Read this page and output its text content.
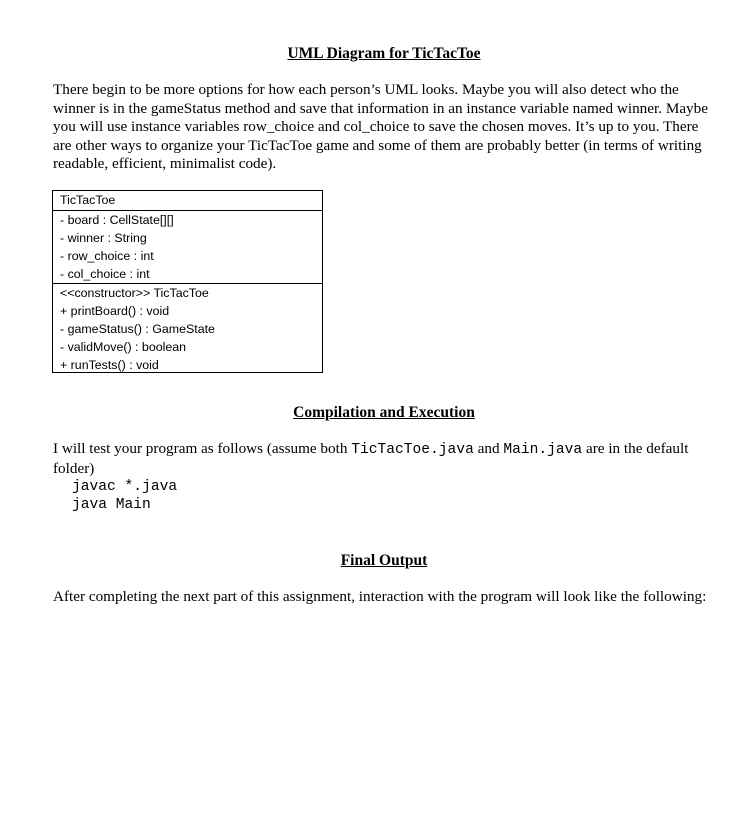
UML Diagram for TicTacToe
There begin to be more options for how each person’s UML looks. Maybe you will also detect who the winner is in the gameStatus method and save that information in an instance variable named winner. Maybe you will use instance variables row_choice and col_choice to save the chosen moves. It’s up to you. There are other ways to organize your TicTacToe game and some of them are probably better (in terms of writing readable, efficient, minimalist code).
TicTacToe
- board : CellState[][]
- winner : String
- row_choice : int
- col_choice : int
<<constructor>> TicTacToe
+ printBoard() : void
- gameStatus() : GameState
- validMove() : boolean
+ runTests() : void
Compilation and Execution
I will test your program as follows (assume both TicTacToe.java and Main.java are in the default folder)
javac *.java
java Main
Final Output
After completing the next part of this assignment, interaction with the program will look like the following:
